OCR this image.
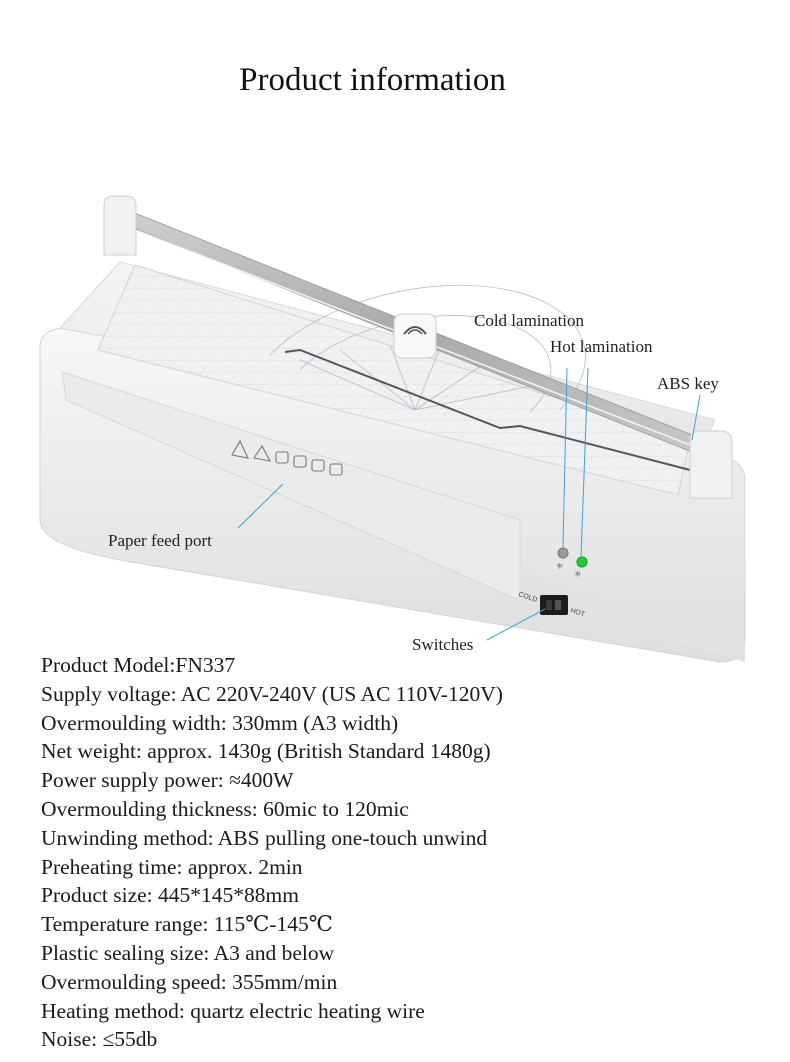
Product information
COLD
HOT
✳
✳
Cold lamination
Hot lamination
ABS key
Paper feed port
Switches
Product Model:FN337
Supply voltage: AC 220V-240V (US AC 110V-120V)
Overmoulding width: 330mm (A3 width)
Net weight: approx. 1430g (British Standard 1480g)
Power supply power: ≈400W
Overmoulding thickness: 60mic to 120mic
Unwinding method: ABS pulling one-touch unwind
Preheating time: approx. 2min
Product size: 445*145*88mm
Temperature range: 115℃-145℃
Plastic sealing size: A3 and below
Overmoulding speed: 355mm/min
Heating method: quartz electric heating wire
Noise: ≤55db
